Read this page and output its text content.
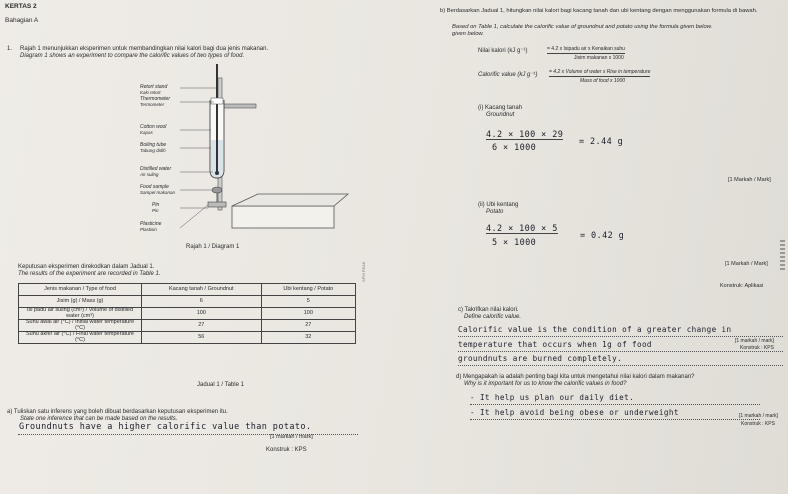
KERTAS 2
Bahagian A
1. Rajah 1 menunjukkan eksperimen untuk membandingkan nilai kalori bagi dua jenis makanan.
Diagram 1 shows an experiment to compare the calorific values of two types of food.
Retort stand
Kaki retort
Thermometer
Termometer
Cotton wool
Kapas
Boiling tube
Tabung didih
Distilled water
Air suling
Food sample
Sampel makanan
Pin
Pin
Plasticine
Plastisin
Rajah 1 / Diagram 1
Keputusan eksperimen direkodkan dalam Jadual 1.
The results of the experiment are recorded in Table 1.
Jenis makanan / Type of food	Kacang tanah / Groundnut	Ubi kentang / Potato
Jisim (g) / Mass (g)	6	5
Isi padu air suling (cm³) / Volume of distilled water (cm³)	100	100
Suhu awal air (°C) / Initial water temperature (°C)	27	27
Suhu akhir air (°C) / Final water temperature (°C)	56	32
Jadual 1 / Table 1
SPM PEAK
a) Tuliskan satu inferens yang boleh dibuat berdasarkan keputusan eksperimen itu.
State one inference that can be made based on the results.
Groundnuts have a higher calorific value than potato.
[1 markah / mark]
Konstruk : KPS
b) Berdasarkan Jadual 1, hitungkan nilai kalori bagi kacang tanah dan ubi kentang dengan menggunakan formula di bawah.
Based on Table 1, calculate the calorific value of groundnut and potato using the formula given below.
given below.
Nilai kalori (kJ g⁻¹)	= 4.2 x Isipadu air x Kenaikan suhu
Jisim makanan x 1000
Calorific value (kJ g⁻¹) = 4.2 x Volume of water x Rise in temperature
Mass of food x 1000
(i) Kacang tanah
Groundnut
4.2 × 100 × 29
6 × 1000
= 2.44 g
[1 Markah / Mark]
(ii) Ubi kentang
Potato
4.2 × 100 × 5
5 × 1000
= 0.42 g
[1 Markah / Mark]
Konstruk: Aplikasi
c) Takrifkan nilai kalori.
Define calorific value.
Calorific value is the condition of a greater change in
temperature that occurs when 1g of food	[1 markah / mark]
Konstruk : KPS
groundnuts are burned completely.
d) Mengapakah ia adalah penting bagi kita untuk mengetahui nilai kalori dalam makanan?
Why is it important for us to know the calorific values in food?
- It help us plan our daily diet.
- It help avoid being obese or underweight	[1 markah / mark]
Konstruk : KPS
